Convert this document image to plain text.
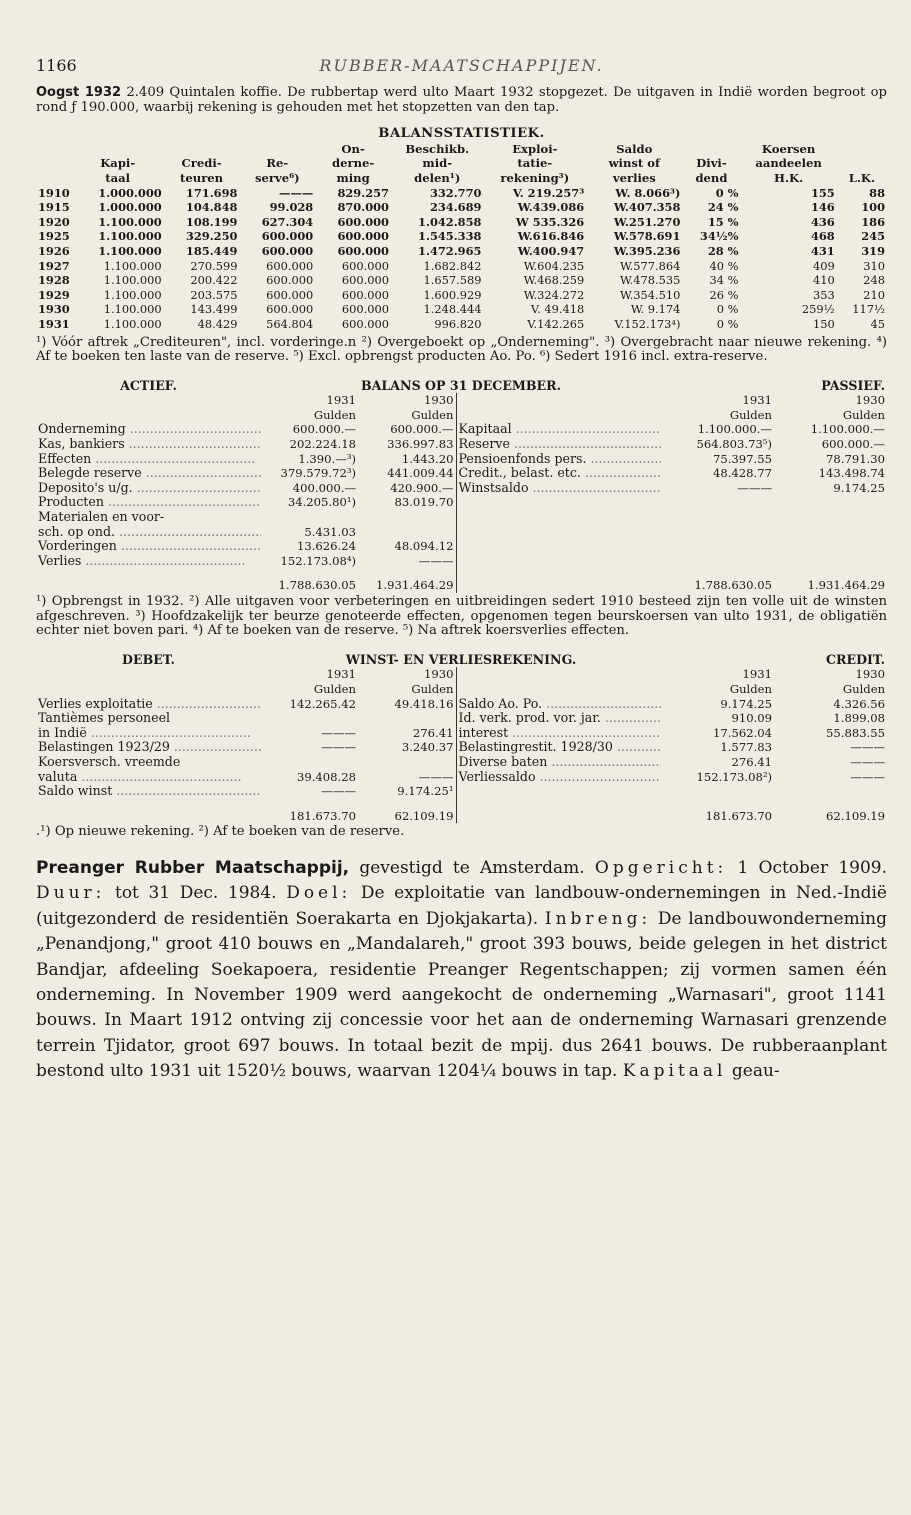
1166	RUBBER-MAATSCHAPPIJEN.
Oogst 1932 2.409 Quintalen koffie. De rubbertap werd ulto Maart 1932 stopgezet. De uitgaven in Indië worden begroot op rond ƒ 190.000, waarbij rekening is gehouden met het stopzetten van den tap.
BALANSSTATISTIEK.
				On-	Beschikb.	Exploi-	Saldo		Koersen	
	Kapi-	Credi-	Re-	derne-	mid-	tatie-	winst of	Divi-	aandeelen	
	taal	teuren	serve⁶)	ming	delen¹)	rekening³)	verlies	dend	H.K.	L.K.
1910	1.000.000	171.698	———	829.257	332.770	V. 219.257³	W. 8.066³)	0 %	155	88
1915	1.000.000	104.848	99.028	870.000	234.689	W.439.086	W.407.358	24 %	146	100
1920	1.100.000	108.199	627.304	600.000	1.042.858	W 535.326	W.251.270	15 %	436	186
1925	1.100.000	329.250	600.000	600.000	1.545.338	W.616.846	W.578.691	34½%	468	245
1926	1.100.000	185.449	600.000	600.000	1.472.965	W.400.947	W.395.236	28 %	431	319
1927	1.100.000	270.599	600.000	600.000	1.682.842	W.604.235	W.577.864	40 %	409	310
1928	1.100.000	200.422	600.000	600.000	1.657.589	W.468.259	W.478.535	34 %	410	248
1929	1.100.000	203.575	600.000	600.000	1.600.929	W.324.272	W.354.510	26 %	353	210
1930	1.100.000	143.499	600.000	600.000	1.248.444	V. 49.418	W. 9.174	0 %	259½	117½
1931	1.100.000	48.429	564.804	600.000	996.820	V.142.265	V.152.173⁴)	0 %	150	45
¹) Vóór aftrek „Crediteuren", incl. vorderinge.n ²) Overgeboekt op „Onderneming". ³) Overgebracht naar nieuwe rekening. ⁴) Af te boeken ten laste van de reserve. ⁵) Excl. opbrengst producten Ao. Po. ⁶) Sedert 1916 incl. extra-reserve.
ACTIEF.	BALANS OP 31 DECEMBER.			PASSIEF.	
	1931	1930		1931	1930
	Gulden	Gulden		Gulden	Gulden
Onderneming .....	600.000.—	600.000.—	Kapitaal .....	1.100.000.—	1.100.000.—
Kas, bankiers .....	202.224.18	336.997.83	Reserve .....	564.803.73⁵)	600.000.—
Effecten .....	1.390.—³)	1.443.20	Pensioenfonds pers. .....	75.397.55	78.791.30
Belegde reserve .....	379.579.72³)	441.009.44	Credit., belast. etc. .....	48.428.77	143.498.74
Deposito's u/g. .....	400.000.—	420.900.—	Winstsaldo .....	———	9.174.25
Producten .....	34.205.80¹)	83.019.70			
Materialen en voor-					
sch. op ond. .....	5.431.03				
Vorderingen .....	13.626.24	48.094.12			
Verlies .....	152.173.08⁴)	———			
	1.788.630.05	1.931.464.29		1.788.630.05	1.931.464.29
¹) Opbrengst in 1932. ²) Alle uitgaven voor verbeteringen en uitbreidingen sedert 1910 besteed zijn ten volle uit de winsten afgeschreven. ³) Hoofdzakelijk ter beurze genoteerde effecten, opgenomen tegen beurskoersen van ulto 1931, de obligatiën echter niet boven pari. ⁴) Af te boeken van de reserve. ⁵) Na aftrek koersverlies effecten.
DEBET.	WINST- EN VERLIESREKENING.			CREDIT.	
	1931	1930		1931	1930
	Gulden	Gulden		Gulden	Gulden
Verlies exploitatie .....	142.265.42	49.418.16	Saldo Ao. Po. .....	9.174.25	4.326.56
Tantièmes personeel			Id. verk. prod. vor. jar. .....	910.09	1.899.08
in Indië .....	———	276.41	interest .....	17.562.04	55.883.55
Belastingen 1923/29 .....	———	3.240.37	Belastingrestit. 1928/30 .....	1.577.83	———
Koersversch. vreemde			Diverse baten .....	276.41	———
valuta .....	39.408.28	———	Verliessaldo .....	152.173.08²)	———
Saldo winst .....	———	9.174.25¹			
	181.673.70	62.109.19		181.673.70	62.109.19
.¹) Op nieuwe rekening. ²) Af te boeken van de reserve.
Preanger Rubber Maatschappij, gevestigd te Amsterdam. Opgericht: 1 October 1909. Duur: tot 31 Dec. 1984. Doel: De exploitatie van landbouw-ondernemingen in Ned.-Indië (uitgezonderd de residentiën Soerakarta en Djokjakarta). Inbreng: De landbouwonderneming „Penandjong," groot 410 bouws en „Mandalareh," groot 393 bouws, beide gelegen in het district Bandjar, afdeeling Soekapoera, residentie Preanger Regentschappen; zij vormen samen één onderneming. In November 1909 werd aangekocht de onderneming „Warnasari", groot 1141 bouws. In Maart 1912 ontving zij concessie voor het aan de onderneming Warnasari grenzende terrein Tjidator, groot 697 bouws. In totaal bezit de mpij. dus 2641 bouws. De rubberaanplant bestond ulto 1931 uit 1520½ bouws, waarvan 1204¼ bouws in tap. Kapitaal geau-
